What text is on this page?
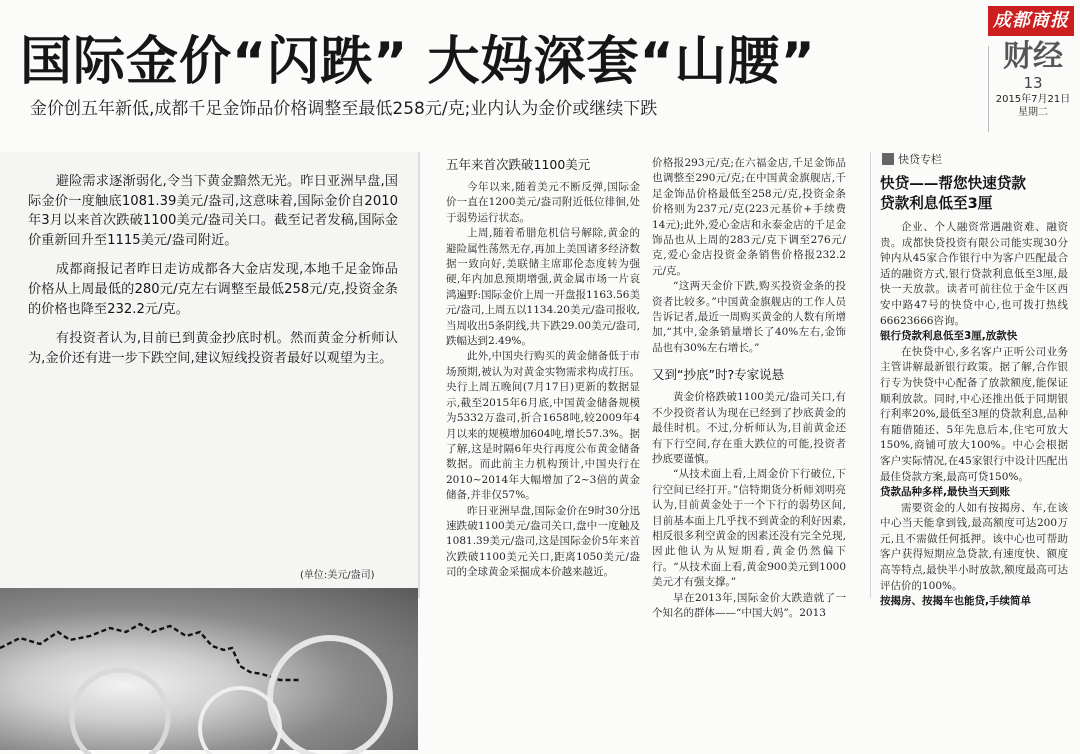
成都商报
财经
13
2015年7月21日
星期二
国际金价“闪跌” 大妈深套“山腰”
金价创五年新低,成都千足金饰品价格调整至最低258元/克;业内认为金价或继续下跌

避险需求逐渐弱化,令当下黄金黯然无光。昨日亚洲早盘,国际金价一度触底1081.39美元/盎司,这意味着,国际金价自2010年3月以来首次跌破1100美元/盎司关口。截至记者发稿,国际金价重新回升至1115美元/盎司附近。

成都商报记者昨日走访成都各大金店发现,本地千足金饰品价格从上周最低的280元/克左右调整至最低258元/克,投资金条的价格也降至232.2元/克。

有投资者认为,目前已到黄金抄底时机。然而黄金分析师认为,金价还有进一步下跌空间,建议短线投资者最好以观望为主。

(单位:美元/盎司)
五年来首次跌破1100美元

今年以来,随着美元不断反弹,国际金价一直在1200美元/盎司附近低位徘徊,处于弱势运行状态。

上周,随着希腊危机信号解除,黄金的避险属性荡然无存,再加上美国诸多经济数据一致向好,美联储主席耶伦态度转为强硬,年内加息预期增强,黄金属市场一片哀鸿遍野:国际金价上周一开盘报1163.56美元/盎司,上周五以1134.20美元/盎司报收,当周收出5条阴线,共下跌29.00美元/盎司,跌幅达到2.49%。

此外,中国央行购买的黄金储备低于市场预期,被认为对黄金实物需求构成打压。央行上周五晚间(7月17日)更新的数据显示,截至2015年6月底,中国黄金储备规模为5332万盎司,折合1658吨,较2009年4月以来的规模增加604吨,增长57.3%。据了解,这是时隔6年央行再度公布黄金储备数据。而此前主力机构预计,中国央行在2010~2014年大幅增加了2~3倍的黄金储备,并非仅57%。

昨日亚洲早盘,国际金价在9时30分迅速跌破1100美元/盎司关口,盘中一度触及1081.39美元/盎司,这是国际金价5年来首次跌破1100美元关口,距离1050美元/盎司的全球黄金采掘成本价越来越近。

价格报293元/克;在六福金店,千足金饰品也调整至290元/克;在中国黄金旗舰店,千足金饰品价格最低至258元/克,投资金条价格则为237元/克(223元基价+手续费14元);此外,爱心金店和永泰金店的千足金饰品也从上周的283元/克下调至276元/克,爱心金店投资金条销售价格报232.2元/克。

“这两天金价下跌,购买投资金条的投资者比较多。”中国黄金旗舰店的工作人员告诉记者,最近一周购买黄金的人数有所增加,“其中,金条销量增长了40%左右,金饰品也有30%左右增长。”

又到“抄底”时?专家说悬

黄金价格跌破1100美元/盎司关口,有不少投资者认为现在已经到了抄底黄金的最佳时机。不过,分析师认为,目前黄金还有下行空间,存在重大跌位的可能,投资者抄底要谨慎。

“从技术面上看,上周金价下行破位,下行空间已经打开。”信特期货分析师刘明亮认为,目前黄金处于一个下行的弱势区间,目前基本面上几乎找不到黄金的利好因素,相反很多利空黄金的因素还没有完全兑现,因此他认为从短期看,黄金仍然偏下行。“从技术面上看,黄金900美元到1000美元才有强支撑。”

早在2013年,国际金价大跌造就了一个知名的群体——“中国大妈”。2013

快贷专栏
快贷——帮您快速贷款
贷款利息低至3厘

企业、个人融资常遇融资难、融资贵。成都快贷投资有限公司能实现30分钟内从45家合作银行中为客户匹配最合适的融资方式,银行贷款利息低至3厘,最快一天放款。读者可前往位于金牛区西安中路47号的快贷中心,也可拨打热线66623666咨询。

银行贷款利息低至3厘,放款快

在快贷中心,多名客户正听公司业务主管讲解最新银行政策。据了解,合作银行专为快贷中心配备了放款额度,能保证顺利放款。同时,中心还推出低于同期银行利率20%,最低至3厘的贷款利息,品种有随借随还、5年先息后本,住宅可放大150%,商铺可放大100%。中心会根据客户实际情况,在45家银行中设计匹配出最佳贷款方案,最高可贷150%。

贷款品种多样,最快当天到账

需要资金的人如有按揭房、车,在该中心当天能拿到钱,最高额度可达200万元,且不需做任何抵押。该中心也可帮助客户获得短期应急贷款,有速度快、额度高等特点,最快半小时放款,额度最高可达评估价的100%。

按揭房、按揭车也能贷,手续简单
